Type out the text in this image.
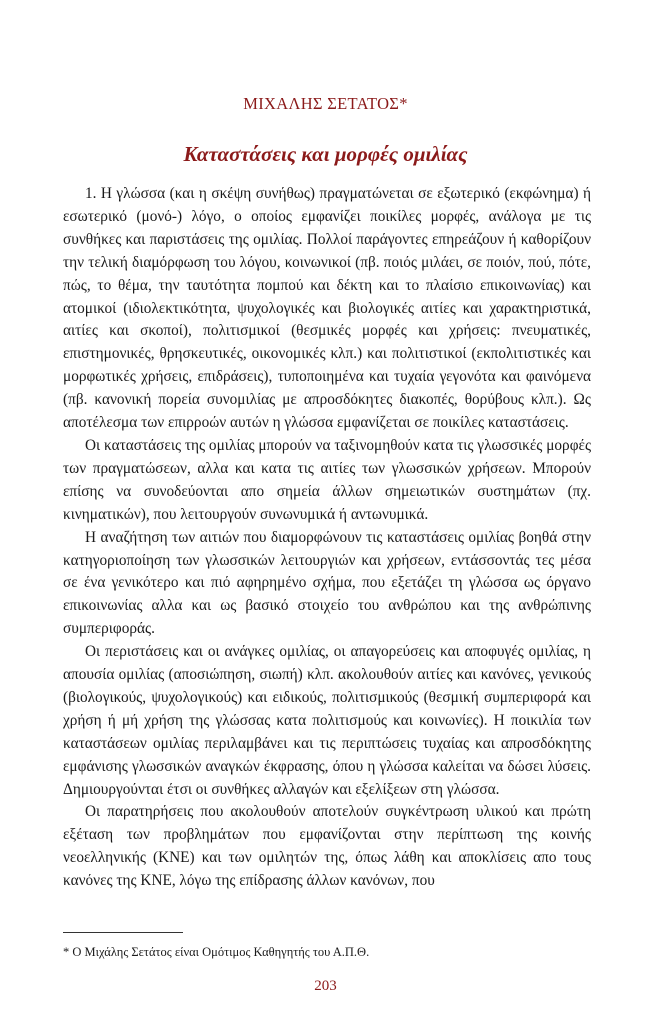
ΜΙΧΑΛΗΣ ΣΕΤΑΤΟΣ*
Καταστάσεις και μορφές ομιλίας

1. Η γλώσσα (και η σκέψη συνήθως) πραγματώνεται σε εξωτερικό (εκφώνημα) ή εσωτερικό (μονό-) λόγο, ο οποίος εμφανίζει ποικίλες μορφές, ανάλογα με τις συνθήκες και παριστάσεις της ομιλίας. Πολλοί παράγοντες επηρεάζουν ή καθορίζουν την τελική διαμόρφωση του λόγου, κοινωνικοί (πβ. ποιός μιλάει, σε ποιόν, πού, πότε, πώς, το θέμα, την ταυτότητα πομπού και δέκτη και το πλαίσιο επικοινωνίας) και ατομικοί (ιδιολεκτικότητα, ψυχολογικές και βιολογικές αιτίες και χαρακτηριστικά, αιτίες και σκοποί), πολιτισμικοί (θεσμικές μορφές και χρήσεις: πνευματικές, επιστημονικές, θρησκευτικές, οικονομικές κλπ.) και πολιτιστικοί (εκπολιτιστικές και μορφωτικές χρήσεις, επιδράσεις), τυποποιημένα και τυχαία γεγονότα και φαινόμενα (πβ. κανονική πορεία συνομιλίας με απροσδόκητες διακοπές, θορύβους κλπ.). Ως αποτέλεσμα των επιρροών αυτών η γλώσσα εμφανίζεται σε ποικίλες καταστάσεις.

Οι καταστάσεις της ομιλίας μπορούν να ταξινομηθούν κατα τις γλωσσικές μορφές των πραγματώσεων, αλλα και κατα τις αιτίες των γλωσσικών χρήσεων. Μπορούν επίσης να συνοδεύονται απο σημεία άλλων σημειωτικών συστημάτων (πχ. κινηματικών), που λειτουργούν συνωνυμικά ή αντωνυμικά.

Η αναζήτηση των αιτιών που διαμορφώνουν τις καταστάσεις ομιλίας βοηθά στην κατηγοριοποίηση των γλωσσικών λειτουργιών και χρήσεων, εντάσσοντάς τες μέσα σε ένα γενικότερο και πιό αφηρημένο σχήμα, που εξετάζει τη γλώσσα ως όργανο επικοινωνίας αλλα και ως βασικό στοιχείο του ανθρώπου και της ανθρώπινης συμπεριφοράς.

Οι περιστάσεις και οι ανάγκες ομιλίας, οι απαγορεύσεις και αποφυγές ομιλίας, η απουσία ομιλίας (αποσιώπηση, σιωπή) κλπ. ακολουθούν αιτίες και κανόνες, γενικούς (βιολογικούς, ψυχολογικούς) και ειδικούς, πολιτισμικούς (θεσμική συμπεριφορά και χρήση ή μή χρήση της γλώσσας κατα πολιτισμούς και κοινωνίες). Η ποικιλία των καταστάσεων ομιλίας περιλαμβάνει και τις περιπτώσεις τυχαίας και απροσδόκητης εμφάνισης γλωσσικών αναγκών έκφρασης, όπου η γλώσσα καλείται να δώσει λύσεις. Δημιουργούνται έτσι οι συνθήκες αλλαγών και εξελίξεων στη γλώσσα.

Οι παρατηρήσεις που ακολουθούν αποτελούν συγκέντρωση υλικού και πρώτη εξέταση των προβλημάτων που εμφανίζονται στην περίπτωση της κοινής νεοελληνικής (ΚΝΕ) και των ομιλητών της, όπως λάθη και αποκλίσεις απο τους κανόνες της ΚΝΕ, λόγω της επίδρασης άλλων κανόνων, που

* Ο Μιχάλης Σετάτος είναι Ομότιμος Καθηγητής του Α.Π.Θ.
203
